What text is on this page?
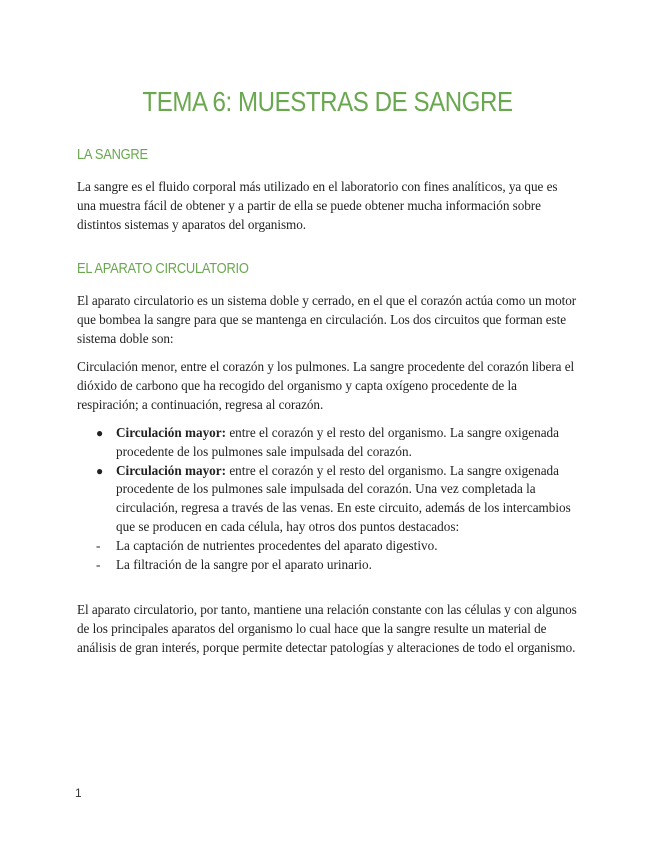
TEMA 6: MUESTRAS DE SANGRE
LA SANGRE

La sangre es el fluido corporal más utilizado en el laboratorio con fines analíticos, ya que es una muestra fácil de obtener y a partir de ella se puede obtener mucha información sobre distintos sistemas y aparatos del organismo.

EL APARATO CIRCULATORIO

El aparato circulatorio es un sistema doble y cerrado, en el que el corazón actúa como un motor que bombea la sangre para que se mantenga en circulación. Los dos circuitos que forman este sistema doble son:

Circulación menor, entre el corazón y los pulmones. La sangre procedente del corazón libera el dióxido de carbono que ha recogido del organismo y capta oxígeno procedente de la respiración; a continuación, regresa al corazón.

● Circulación mayor: entre el corazón y el resto del organismo. La sangre oxigenada procedente de los pulmones sale impulsada del corazón.
● Circulación mayor: entre el corazón y el resto del organismo. La sangre oxigenada procedente de los pulmones sale impulsada del corazón. Una vez completada la circulación, regresa a través de las venas. En este circuito, además de los intercambios que se producen en cada célula, hay otros dos puntos destacados:
- La captación de nutrientes procedentes del aparato digestivo.
- La filtración de la sangre por el aparato urinario.

El aparato circulatorio, por tanto, mantiene una relación constante con las células y con algunos de los principales aparatos del organismo lo cual hace que la sangre resulte un material de análisis de gran interés, porque permite detectar patologías y alteraciones de todo el organismo.

1
